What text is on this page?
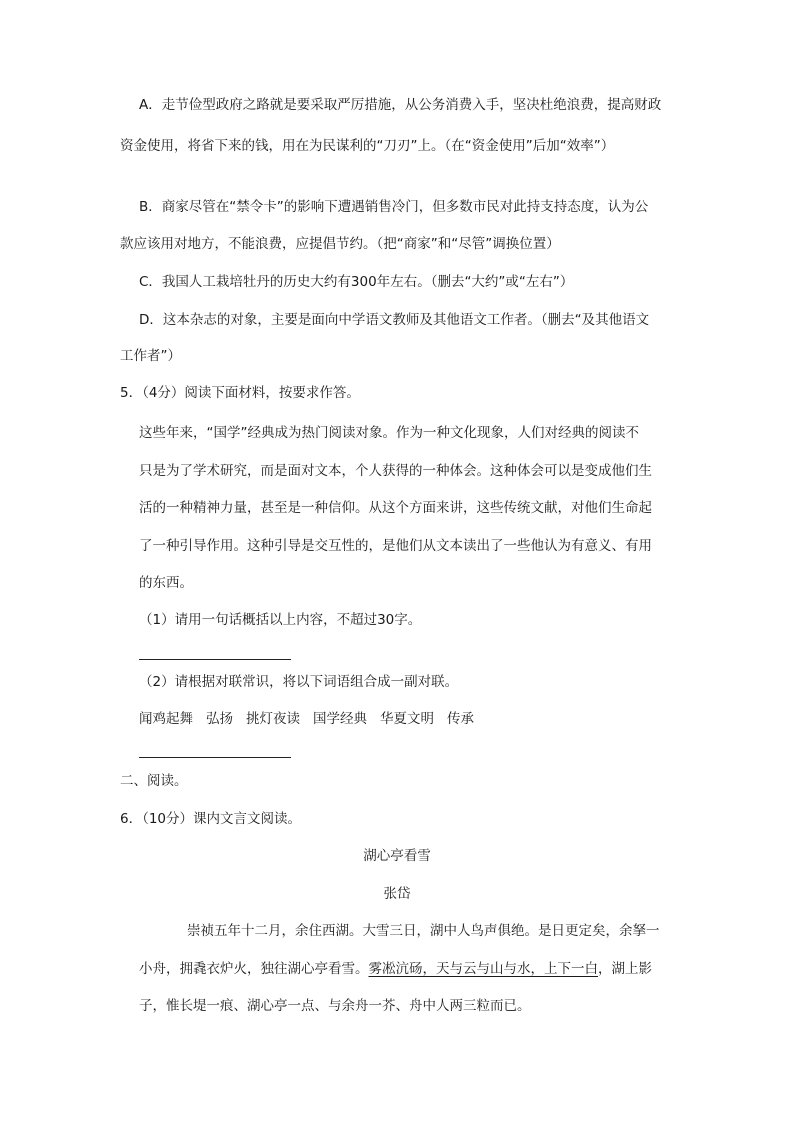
A．走节俭型政府之路就是要采取严厉措施，从公务消费入手，坚决杜绝浪费，提高财政
资金使用，将省下来的钱，用在为民谋利的“刀刃”上。（在“资金使用”后加“效率”）
B．商家尽管在“禁令卡”的影响下遭遇销售冷门，但多数市民对此持支持态度，认为公
款应该用对地方，不能浪费，应提倡节约。（把“商家”和“尽管”调换位置）
C．我国人工栽培牡丹的历史大约有300年左右。（删去“大约”或“左右”）
D．这本杂志的对象，主要是面向中学语文教师及其他语文工作者。（删去“及其他语文
工作者”）
5．（4分）阅读下面材料，按要求作答。
这些年来，“国学”经典成为热门阅读对象。作为一种文化现象，人们对经典的阅读不
只是为了学术研究，而是面对文本，个人获得的一种体会。这种体会可以是变成他们生
活的一种精神力量，甚至是一种信仰。从这个方面来讲，这些传统文献，对他们生命起
了一种引导作用。这种引导是交互性的，是他们从文本读出了一些他认为有意义、有用
的东西。
（1）请用一句话概括以上内容，不超过30字。
（2）请根据对联常识，将以下词语组合成一副对联。
闻鸡起舞 弘扬 挑灯夜读 国学经典 华夏文明 传承
二、阅读。
6．（10分）课内文言文阅读。
湖心亭看雪
张岱
崇祯五年十二月，余住西湖。大雪三日，湖中人鸟声俱绝。是日更定矣，余拏一
小舟，拥毳衣炉火，独往湖心亭看雪。雾凇沆砀，天与云与山与水，上下一白，湖上影
子，惟长堤一痕、湖心亭一点、与余舟一芥、舟中人两三粒而已。
